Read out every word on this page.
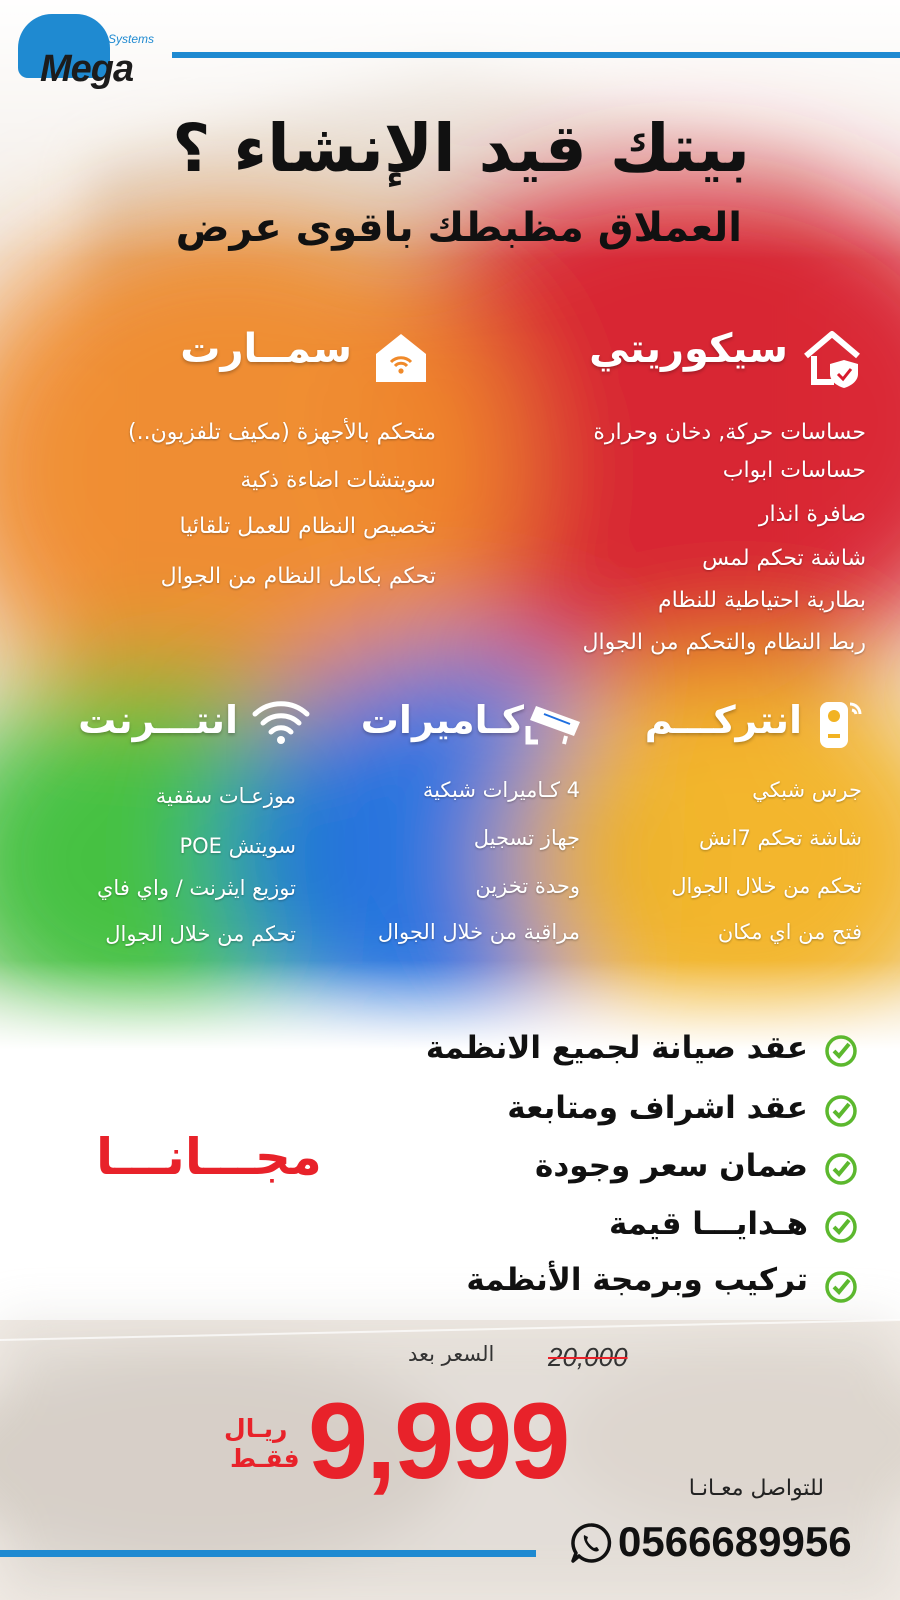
Mega
Systems
بيتك قيد الإنشاء ؟
العملاق مظبطك باقوى عرض
سيكوريتي
حساسات حركة, دخان وحرارة
حساسات ابواب
صافرة انذار
شاشة تحكم لمس
بطارية احتياطية للنظام
ربط النظام والتحكم من الجوال
سمــارت
متحكم بالأجهزة (مكيف تلفزيون..)
سويتشات اضاءة ذكية
تخصيص النظام للعمل تلقائيا
تحكم بكامل النظام من الجوال
انتركـــم
جرس شبكي
شاشة تحكم 7انش
تحكم من خلال الجوال
فتح من اي مكان
كـاميرات
4 كـاميرات شبكية
جهاز تسجيل
وحدة تخزين
مراقبة من خلال الجوال
انتـــرنت
موزعـات سقفية
سويتش POE
توزيع ايثرنت / واي فاي
تحكم من خلال الجوال
عقد صيانة لجميع الانظمة
عقد اشراف ومتابعة
ضمان سعر وجودة
هـدايـــا قيمة
تركيب وبرمجة الأنظمة
مجـــانـــا
20,000
السعر بعد
9,999
ريـال
فقـط
للتواصل معـانـا
0566689956
